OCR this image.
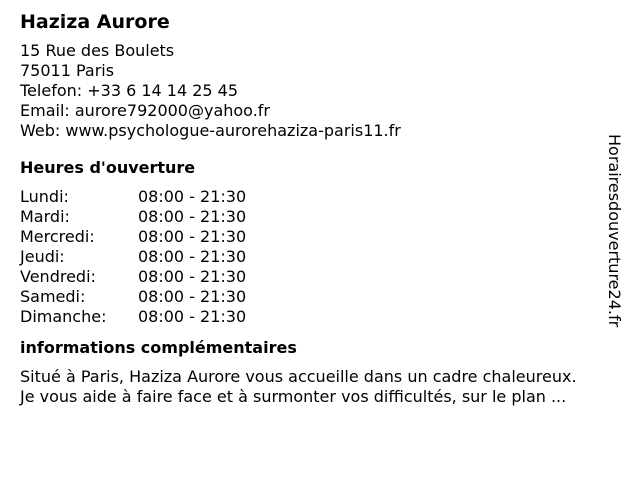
Haziza Aurore
15 Rue des Boulets
75011 Paris
Telefon: +33 6 14 14 25 45
Email: aurore792000@yahoo.fr
Web: www.psychologue-aurorehaziza-paris11.fr
Heures d'ouverture
Lundi:	08:00 - 21:30
Mardi:	08:00 - 21:30
Mercredi:	08:00 - 21:30
Jeudi:	08:00 - 21:30
Vendredi:	08:00 - 21:30
Samedi:	08:00 - 21:30
Dimanche:	08:00 - 21:30
informations complémentaires
Situé à Paris, Haziza Aurore vous accueille dans un cadre chaleureux.
Je vous aide à faire face et à surmonter vos difficultés, sur le plan ...
Horairesdouverture24.fr
